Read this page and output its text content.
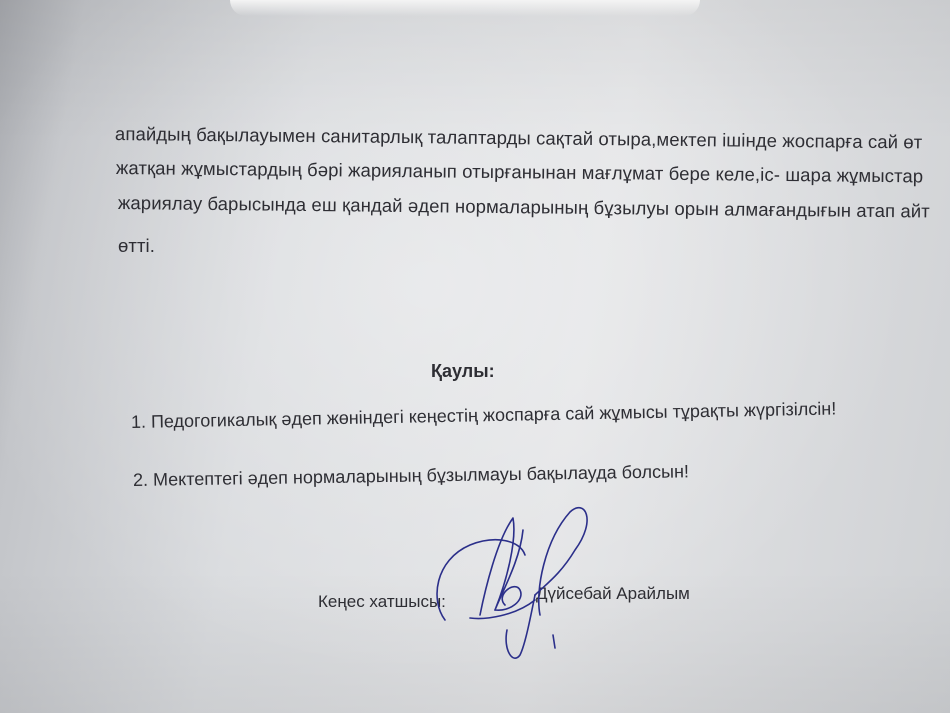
апайдың бақылауымен санитарлық талаптарды сақтай отыра,мектеп ішінде жоспарға сай өт
жатқан жұмыстардың бәрі жарияланып отырғанынан мағлұмат бере келе,іс- шара жұмыстар
жариялау барысында еш қандай әдеп нормаларының бұзылуы орын алмағандығын атап айт
өтті.
Қаулы:
1. Педогогикалық әдеп жөніндегі кеңестің жоспарға сай жұмысы тұрақты жүргізілсін!
2. Мектептегі әдеп нормаларының бұзылмауы бақылауда болсын!
Кеңес хатшысы:	Дүйсебай Арайлым
